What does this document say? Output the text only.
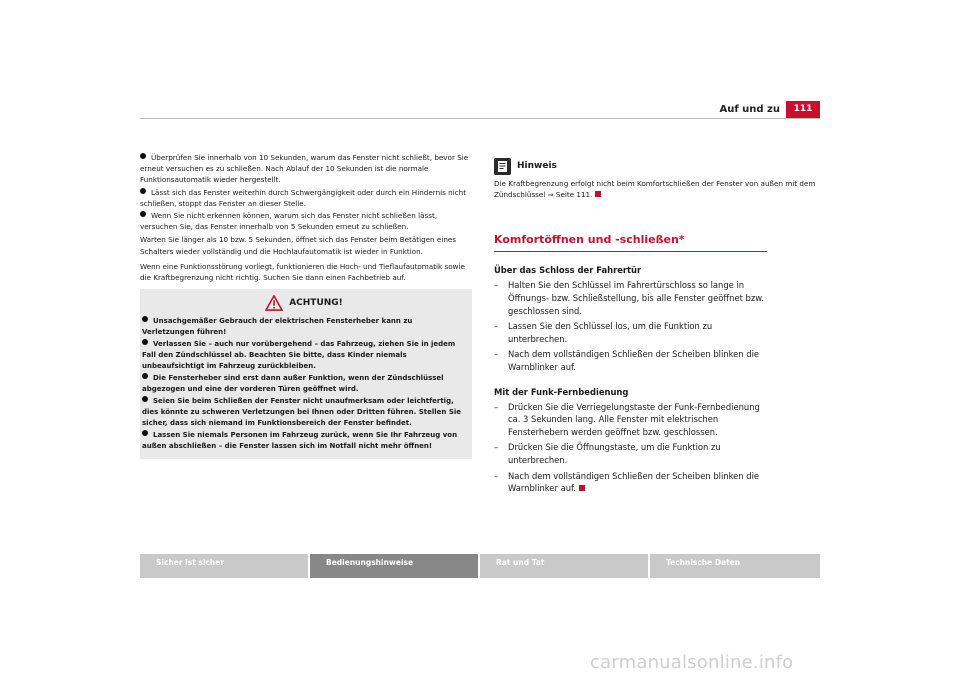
Auf und zu	111
Überprüfen Sie innerhalb von 10 Sekunden, warum das Fenster nicht schließt, bevor Sie erneut versuchen es zu schließen. Nach Ablauf der 10 Sekunden ist die normale Funktionsautomatik wieder hergestellt.
Lässt sich das Fenster weiterhin durch Schwergängigkeit oder durch ein Hindernis nicht schließen, stoppt das Fenster an dieser Stelle.
Wenn Sie nicht erkennen können, warum sich das Fenster nicht schließen lässt, versuchen Sie, das Fenster innerhalb von 5 Sekunden erneut zu schließen.
Warten Sie länger als 10 bzw. 5 Sekunden, öffnet sich das Fenster beim Betätigen eines Schalters wieder vollständig und die Hochlaufautomatik ist wieder in Funktion.
Wenn eine Funktionsstörung vorliegt, funktionieren die Hoch- und Tieflaufautomatik sowie die Kraftbegrenzung nicht richtig. Suchen Sie dann einen Fachbetrieb auf.
ACHTUNG!
Unsachgemäßer Gebrauch der elektrischen Fensterheber kann zu Verletzungen führen!
Verlassen Sie – auch nur vorübergehend – das Fahrzeug, ziehen Sie in jedem Fall den Zündschlüssel ab. Beachten Sie bitte, dass Kinder niemals unbeaufsichtigt im Fahrzeug zurückbleiben.
Die Fensterheber sind erst dann außer Funktion, wenn der Zündschlüssel abgezogen und eine der vorderen Türen geöffnet wird.
Seien Sie beim Schließen der Fenster nicht unaufmerksam oder leichtfertig, dies könnte zu schweren Verletzungen bei Ihnen oder Dritten führen. Stellen Sie sicher, dass sich niemand im Funktionsbereich der Fenster befindet.
Lassen Sie niemals Personen im Fahrzeug zurück, wenn Sie Ihr Fahrzeug von außen abschließen – die Fenster lassen sich im Notfall nicht mehr öffnen!
Hinweis
Die Kraftbegrenzung erfolgt nicht beim Komfortschließen der Fenster von außen mit dem Zündschlüssel ⇒ Seite 111.
Komfortöffnen und -schließen*
Über das Schloss der Fahrertür
–	Halten Sie den Schlüssel im Fahrertürschloss so lange in Öffnungs- bzw. Schließstellung, bis alle Fenster geöffnet bzw. geschlossen sind.
–	Lassen Sie den Schlüssel los, um die Funktion zu unterbrechen.
–	Nach dem vollständigen Schließen der Scheiben blinken die Warnblinker auf.
Mit der Funk-Fernbedienung
–	Drücken Sie die Verriegelungstaste der Funk-Fernbedienung ca. 3 Sekunden lang. Alle Fenster mit elektrischen Fensterhebern werden geöffnet bzw. geschlossen.
–	Drücken Sie die Öffnungstaste, um die Funktion zu unterbrechen.
–	Nach dem vollständigen Schließen der Scheiben blinken die Warnblinker auf.
Sicher ist sicher	Bedienungshinweise	Rat und Tat	Technische Daten
carmanualsonline.info
